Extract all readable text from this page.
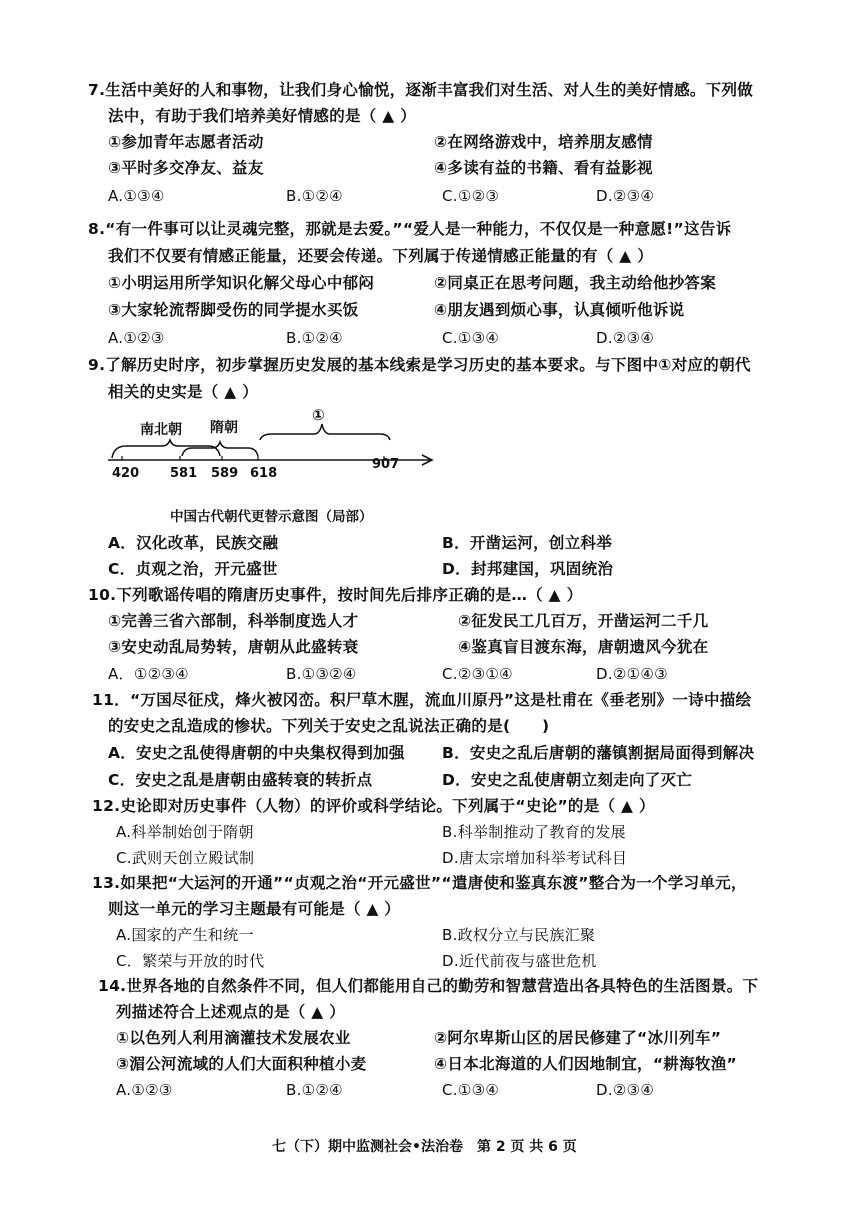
7.生活中美好的人和事物，让我们身心愉悦，逐渐丰富我们对生活、对人生的美好情感。下列做
法中，有助于我们培养美好情感的是（ ▲ ）
①参加青年志愿者活动	②在网络游戏中，培养朋友感情
③平时多交净友、益友	④多读有益的书籍、看有益影视
A.①③④	B.①②④	C.①②③	D.②③④
8.“有一件事可以让灵魂完整，那就是去爱。”“爱人是一种能力，不仅仅是一种意愿!”这告诉
我们不仅要有情感正能量，还要会传递。下列属于传递情感正能量的有（ ▲ ）
①小明运用所学知识化解父母心中郁闷	②同桌正在思考问题，我主动给他抄答案
③大家轮流帮脚受伤的同学提水买饭	④朋友遇到烦心事，认真倾听他诉说
A.①②③	B.①②④	C.①③④	D.②③④
9.了解历史时序，初步掌握历史发展的基本线索是学习历史的基本要求。与下图中①对应的朝代
相关的史实是（ ▲ ）
南北朝 隋朝
①
420 581 589 618
907
中国古代朝代更替示意图（局部）
A．汉化改革，民族交融	B．开凿运河，创立科举
C．贞观之治，开元盛世	D．封邦建国，巩固统治
10.下列歌谣传唱的隋唐历史事件，按时间先后排序正确的是…（ ▲ ）
①完善三省六部制，科举制度选人才	②征发民工几百万，开凿运河二千几
③安史动乱局势转，唐朝从此盛转衰	④鉴真盲目渡东海，唐朝遗风今犹在
A．①②③④	B.①③②④	C.②③①④	D.②①④③
11．“万国尽征戍，烽火被冈峦。积尸草木腥，流血川原丹”这是杜甫在《垂老别》一诗中描绘
的安史之乱造成的惨状。下列关于安史之乱说法正确的是(　　)
A．安史之乱使得唐朝的中央集权得到加强 B．安史之乱后唐朝的藩镇割据局面得到解决
C．安史之乱是唐朝由盛转衰的转折点	D．安史之乱使唐朝立刻走向了灭亡
12.史论即对历史事件（人物）的评价或科学结论。下列属于“史论”的是（ ▲ ）
A.科举制始创于隋朝	B.科举制推动了教育的发展
C.武则天创立殿试制	D.唐太宗增加科举考试科目
13.如果把“大运河的开通”“贞观之治“开元盛世”“遣唐使和鉴真东渡”整合为一个学习单元，
则这一单元的学习主题最有可能是（ ▲ ）
A.国家的产生和统一	B.政权分立与民族汇聚
C．繁荣与开放的时代	D.近代前夜与盛世危机
14.世界各地的自然条件不同，但人们都能用自己的勤劳和智慧营造出各具特色的生活图景。下
列描述符合上述观点的是（ ▲ ）
①以色列人利用滴灌技术发展农业	②阿尔卑斯山区的居民修建了“冰川列车”
③湄公河流域的人们大面积种植小麦	④日本北海道的人们因地制宜，“耕海牧渔”
A.①②③	B.①②④	C.①③④	D.②③④
七（下）期中监测社会•法治卷　第 2 页 共 6 页
